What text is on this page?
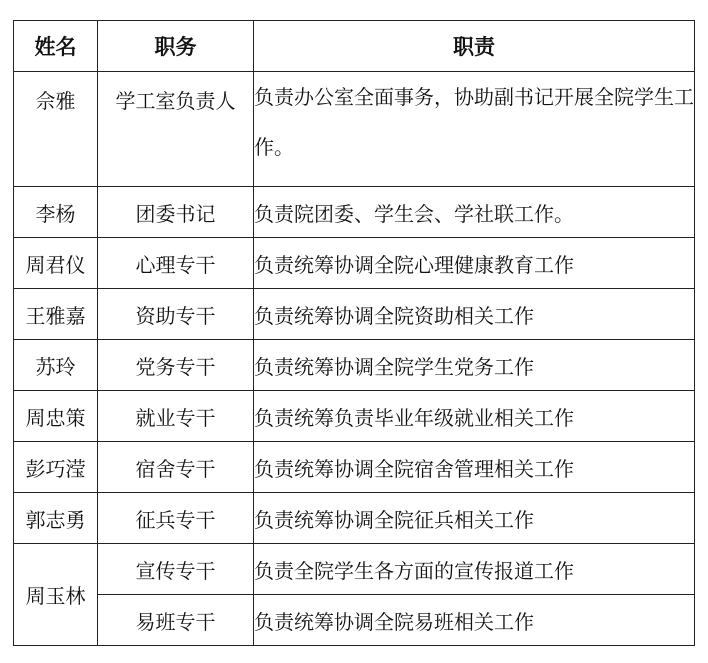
姓名	职务	职责
佘雅	学工室负责人	负责办公室全面事务，协助副书记开展全院学生工作。
李杨	团委书记	负责院团委、学生会、学社联工作。
周君仪	心理专干	负责统筹协调全院心理健康教育工作
王雅嘉	资助专干	负责统筹协调全院资助相关工作
苏玲	党务专干	负责统筹协调全院学生党务工作
周忠策	就业专干	负责统筹负责毕业年级就业相关工作
彭巧滢	宿舍专干	负责统筹协调全院宿舍管理相关工作
郭志勇	征兵专干	负责统筹协调全院征兵相关工作
周玉林	宣传专干	负责全院学生各方面的宣传报道工作
	易班专干	负责统筹协调全院易班相关工作
